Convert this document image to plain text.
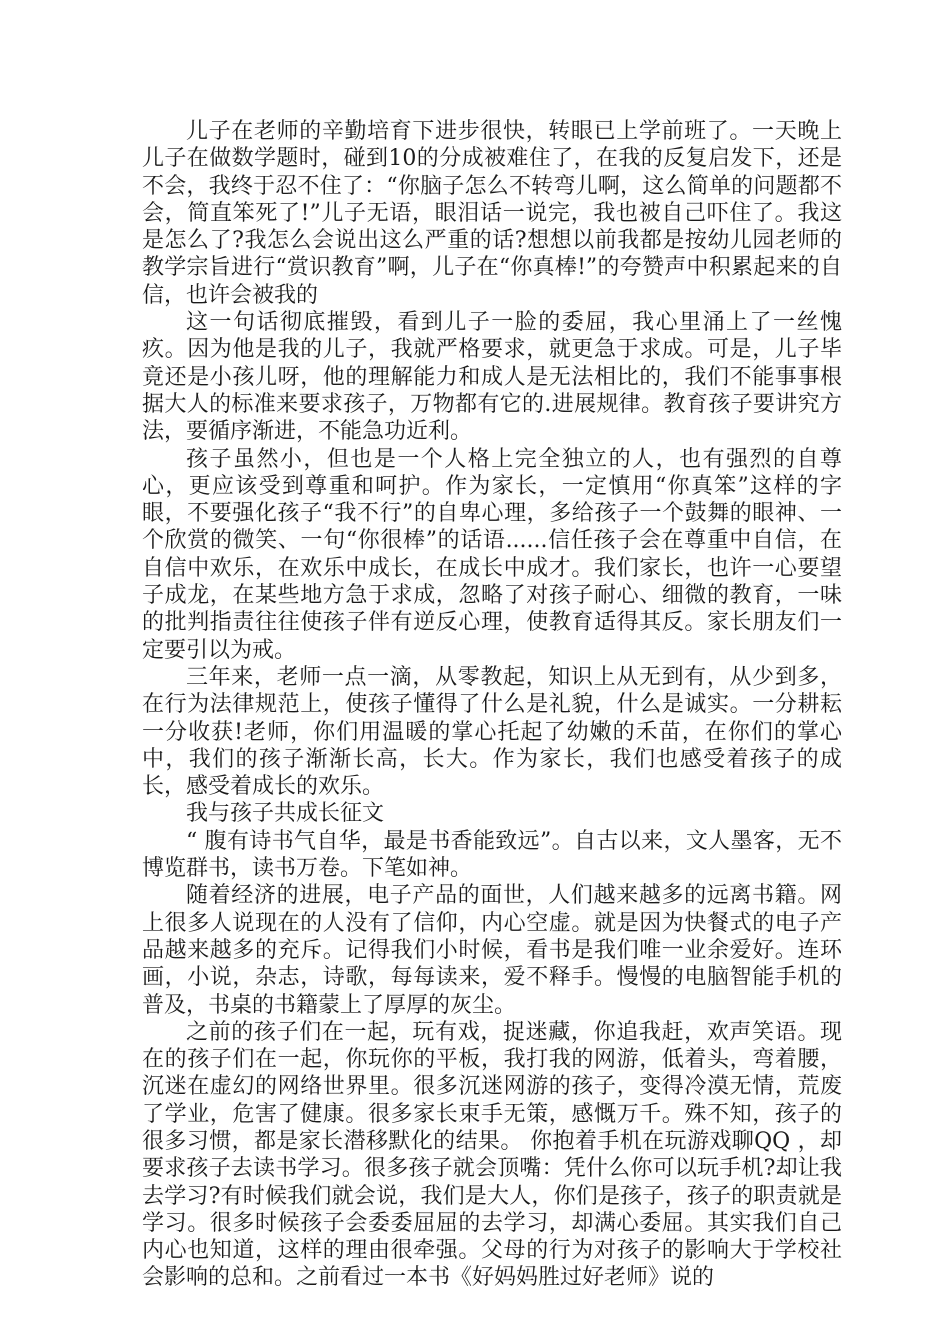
儿子在老师的辛勤培育下进步很快，转眼已上学前班了。一天晚上儿子在做数学题时，碰到10的分成被难住了，在我的反复启发下，还是不会，我终于忍不住了：“你脑子怎么不转弯儿啊，这么简单的问题都不会，简直笨死了!”儿子无语，眼泪话一说完，我也被自己吓住了。我这是怎么了?我怎么会说出这么严重的话?想想以前我都是按幼儿园老师的教学宗旨进行“赏识教育”啊，儿子在“你真棒!”的夸赞声中积累起来的自信，也许会被我的

这一句话彻底摧毁，看到儿子一脸的委屈，我心里涌上了一丝愧疚。因为他是我的儿子，我就严格要求，就更急于求成。可是，儿子毕竟还是小孩儿呀，他的理解能力和成人是无法相比的，我们不能事事根据大人的标准来要求孩子，万物都有它的.进展规律。教育孩子要讲究方法，要循序渐进，不能急功近利。

孩子虽然小，但也是一个人格上完全独立的人，也有强烈的自尊心，更应该受到尊重和呵护。作为家长，一定慎用“你真笨”这样的字眼，不要强化孩子“我不行”的自卑心理，多给孩子一个鼓舞的眼神、一个欣赏的微笑、一句“你很棒”的话语......信任孩子会在尊重中自信，在自信中欢乐，在欢乐中成长，在成长中成才。我们家长，也许一心要望子成龙，在某些地方急于求成，忽略了对孩子耐心、细微的教育，一味的批判指责往往使孩子伴有逆反心理，使教育适得其反。家长朋友们一定要引以为戒。

三年来，老师一点一滴，从零教起，知识上从无到有，从少到多，在行为法律规范上，使孩子懂得了什么是礼貌，什么是诚实。一分耕耘一分收获!老师，你们用温暖的掌心托起了幼嫩的禾苗，在你们的掌心中，我们的孩子渐渐长高，长大。作为家长，我们也感受着孩子的成长，感受着成长的欢乐。

我与孩子共成长征文

“ 腹有诗书气自华，最是书香能致远”。自古以来，文人墨客，无不博览群书，读书万卷。下笔如神。

随着经济的进展，电子产品的面世，人们越来越多的远离书籍。网上很多人说现在的人没有了信仰，内心空虚。就是因为快餐式的电子产品越来越多的充斥。记得我们小时候，看书是我们唯一业余爱好。连环画，小说，杂志，诗歌，每每读来，爱不释手。慢慢的电脑智能手机的普及，书桌的书籍蒙上了厚厚的灰尘。

之前的孩子们在一起，玩有戏，捉迷藏，你追我赶，欢声笑语。现在的孩子们在一起，你玩你的平板，我打我的网游，低着头，弯着腰，沉迷在虚幻的网络世界里。很多沉迷网游的孩子，变得冷漠无情，荒废了学业，危害了健康。很多家长束手无策，感慨万千。殊不知，孩子的很多习惯，都是家长潜移默化的结果。 你抱着手机在玩游戏聊QQ ，却要求孩子去读书学习。很多孩子就会顶嘴：凭什么你可以玩手机?却让我去学习?有时候我们就会说，我们是大人，你们是孩子，孩子的职责就是学习。很多时候孩子会委委屈屈的去学习，却满心委屈。其实我们自己内心也知道，这样的理由很牵强。父母的行为对孩子的影响大于学校社会影响的总和。之前看过一本书《好妈妈胜过好老师》说的
